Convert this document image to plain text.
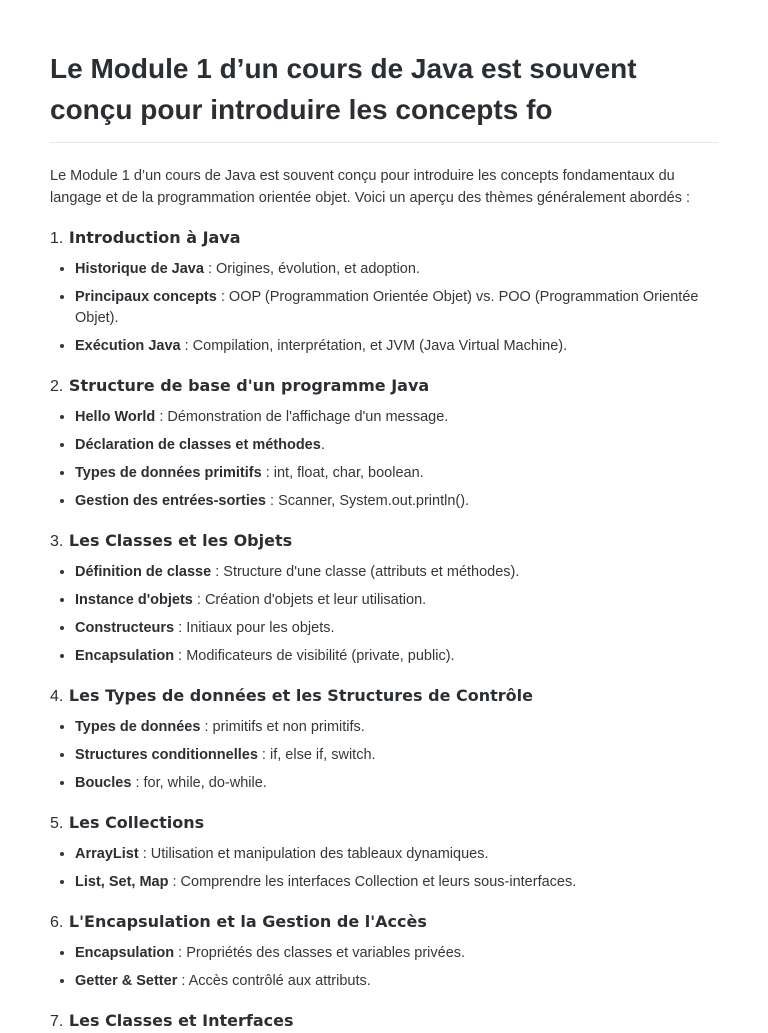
Le Module 1 d’un cours de Java est souvent conçu pour introduire les concepts fo

Le Module 1 d’un cours de Java est souvent conçu pour introduire les concepts fondamentaux du langage et de la programmation orientée objet. Voici un aperçu des thèmes généralement abordés :

1. Introduction à Java
• Historique de Java : Origines, évolution, et adoption.
• Principaux concepts : OOP (Programmation Orientée Objet) vs. POO (Programmation Orientée Objet).
• Exécution Java : Compilation, interprétation, et JVM (Java Virtual Machine).
2. Structure de base d'un programme Java
• Hello World : Démonstration de l'affichage d'un message.
• Déclaration de classes et méthodes.
• Types de données primitifs : int, float, char, boolean.
• Gestion des entrées-sorties : Scanner, System.out.println().
3. Les Classes et les Objets
• Définition de classe : Structure d'une classe (attributs et méthodes).
• Instance d'objets : Création d'objets et leur utilisation.
• Constructeurs : Initiaux pour les objets.
• Encapsulation : Modificateurs de visibilité (private, public).
4. Les Types de données et les Structures de Contrôle
• Types de données : primitifs et non primitifs.
• Structures conditionnelles : if, else if, switch.
• Boucles : for, while, do-while.
5. Les Collections
• ArrayList : Utilisation et manipulation des tableaux dynamiques.
• List, Set, Map : Comprendre les interfaces Collection et leurs sous-interfaces.
6. L'Encapsulation et la Gestion de l'Accès
• Encapsulation : Propriétés des classes et variables privées.
• Getter & Setter : Accès contrôlé aux attributs.
7. Les Classes et Interfaces
